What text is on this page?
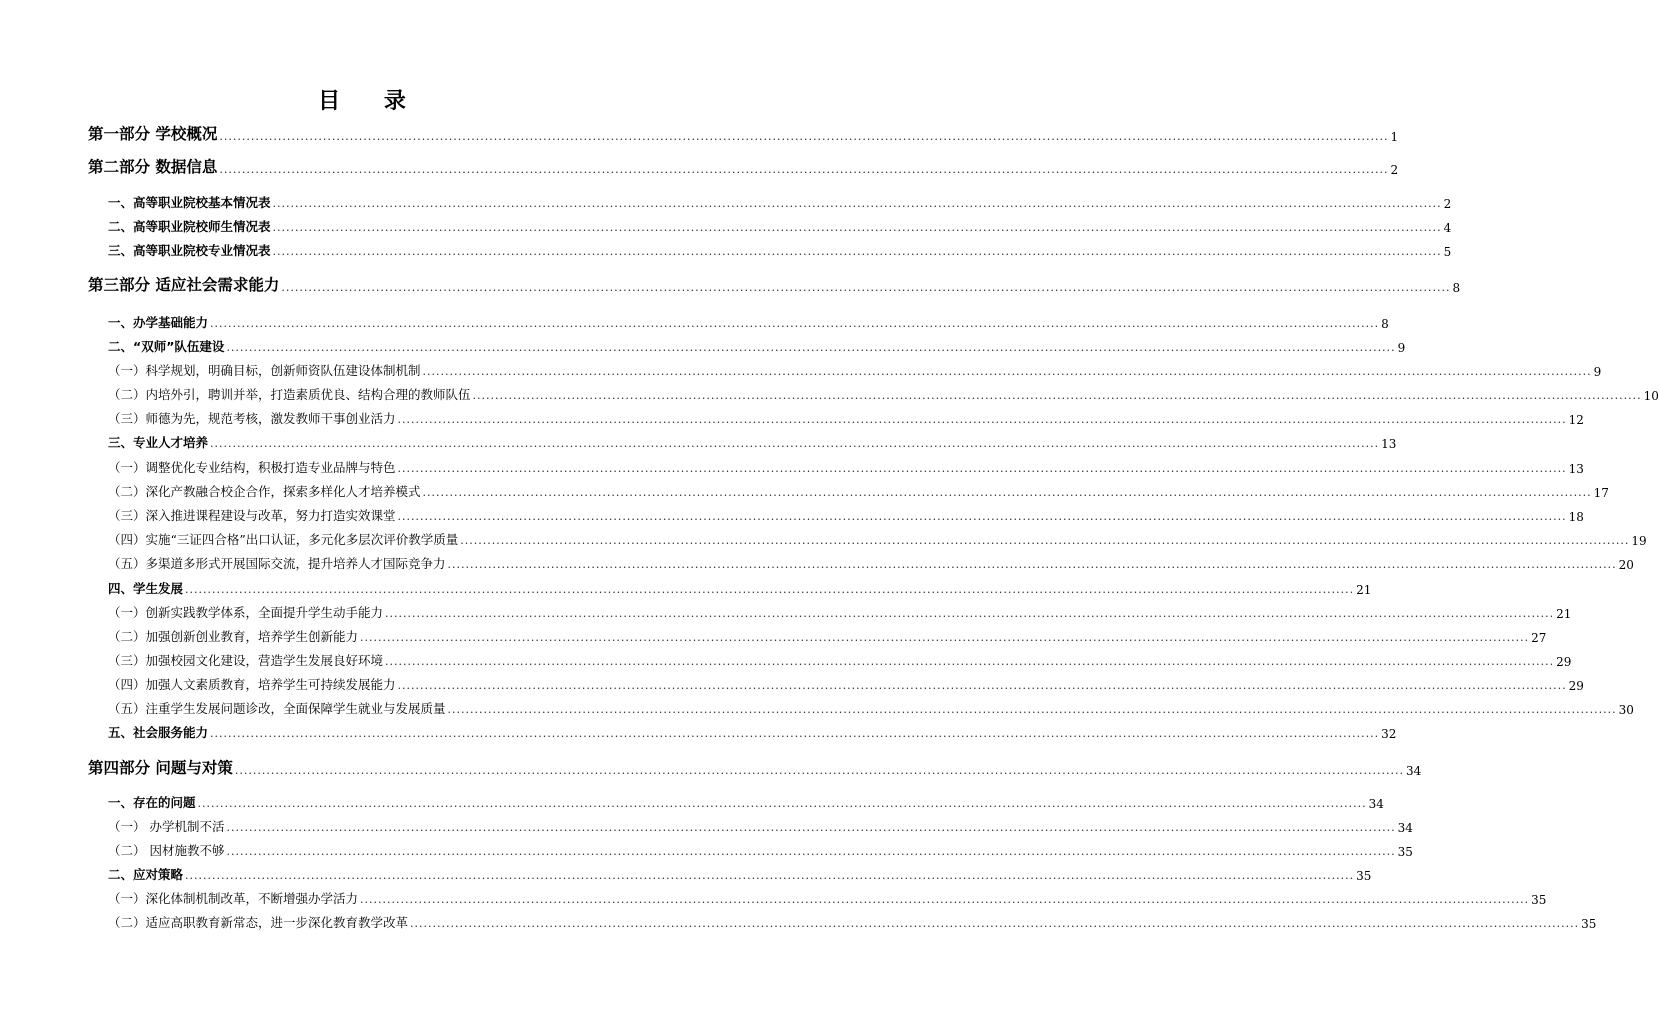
目 录
第一部分 学校概况 .................................................................................................................................................................................................................................................................... 1
第二部分 数据信息 .................................................................................................................................................................................................................................................................... 2
一、高等职业院校基本情况表 .................................................................................................................................................................................................................................................................... 2
二、高等职业院校师生情况表 .................................................................................................................................................................................................................................................................... 4
三、高等职业院校专业情况表 .................................................................................................................................................................................................................................................................... 5
第三部分 适应社会需求能力 .................................................................................................................................................................................................................................................................... 8
一、办学基础能力 .................................................................................................................................................................................................................................................................... 8
二、“双师”队伍建设 .................................................................................................................................................................................................................................................................... 9
（一）科学规划，明确目标，创新师资队伍建设体制机制 .................................................................................................................................................................................................................................................................... 9
（二）内培外引，聘训并举，打造素质优良、结构合理的教师队伍 .................................................................................................................................................................................................................................................................... 10
（三）师德为先，规范考核，激发教师干事创业活力 .................................................................................................................................................................................................................................................................... 12
三、专业人才培养 .................................................................................................................................................................................................................................................................... 13
（一）调整优化专业结构，积极打造专业品牌与特色 .................................................................................................................................................................................................................................................................... 13
（二）深化产教融合校企合作，探索多样化人才培养模式 .................................................................................................................................................................................................................................................................... 17
（三）深入推进课程建设与改革，努力打造实效课堂 .................................................................................................................................................................................................................................................................... 18
（四）实施“三证四合格”出口认证，多元化多层次评价教学质量 .................................................................................................................................................................................................................................................................... 19
（五）多渠道多形式开展国际交流，提升培养人才国际竞争力 .................................................................................................................................................................................................................................................................... 20
四、学生发展 .................................................................................................................................................................................................................................................................... 21
（一）创新实践教学体系，全面提升学生动手能力 .................................................................................................................................................................................................................................................................... 21
（二）加强创新创业教育，培养学生创新能力 .................................................................................................................................................................................................................................................................... 27
（三）加强校园文化建设，营造学生发展良好环境 .................................................................................................................................................................................................................................................................... 29
（四）加强人文素质教育，培养学生可持续发展能力 .................................................................................................................................................................................................................................................................... 29
（五）注重学生发展问题诊改，全面保障学生就业与发展质量 .................................................................................................................................................................................................................................................................... 30
五、社会服务能力 .................................................................................................................................................................................................................................................................... 32
第四部分 问题与对策 .................................................................................................................................................................................................................................................................... 34
一、存在的问题 .................................................................................................................................................................................................................................................................... 34
（一） 办学机制不活 .................................................................................................................................................................................................................................................................... 34
（二） 因材施教不够 .................................................................................................................................................................................................................................................................... 35
二、应对策略 .................................................................................................................................................................................................................................................................... 35
（一）深化体制机制改革，不断增强办学活力 .................................................................................................................................................................................................................................................................... 35
（二）适应高职教育新常态，进一步深化教育教学改革 .................................................................................................................................................................................................................................................................... 35
